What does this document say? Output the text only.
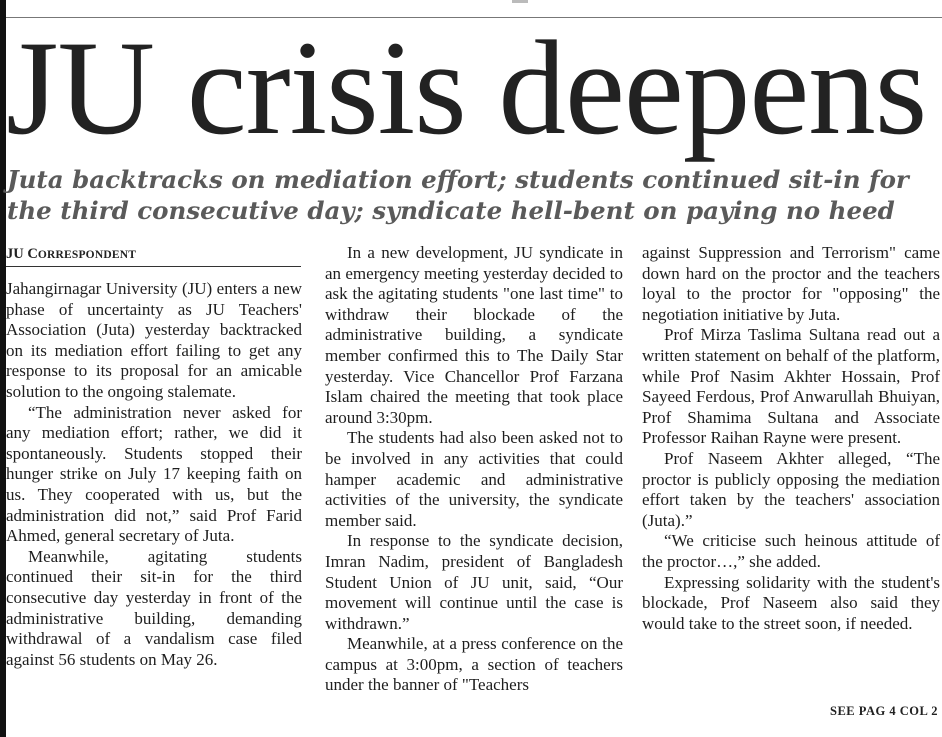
JU crisis deepens
Juta backtracks on mediation effort; students continued sit-in for the third consecutive day; syndicate hell-bent on paying no heed
JU CORRESPONDENT

Jahangirnagar University (JU) enters a new phase of uncertainty as JU Teachers' Association (Juta) yesterday backtracked on its mediation effort failing to get any response to its proposal for an amicable solution to the ongoing stalemate.

“The administration never asked for any mediation effort; rather, we did it spontaneously. Students stopped their hunger strike on July 17 keeping faith on us. They cooperated with us, but the administration did not,” said Prof Farid Ahmed, general secretary of Juta.

Meanwhile, agitating students continued their sit-in for the third consecutive day yesterday in front of the administrative building, demanding withdrawal of a vandalism case filed against 56 students on May 26.

In a new development, JU syndicate in an emergency meeting yesterday decided to ask the agitating students "one last time" to withdraw their blockade of the administrative building, a syndicate member confirmed this to The Daily Star yesterday. Vice Chancellor Prof Farzana Islam chaired the meeting that took place around 3:30pm.

The students had also been asked not to be involved in any activities that could hamper academic and administrative activities of the university, the syndicate member said.

In response to the syndicate decision, Imran Nadim, president of Bangladesh Student Union of JU unit, said, “Our movement will continue until the case is withdrawn.”

Meanwhile, at a press conference on the campus at 3:00pm, a section of teachers under the banner of "Teachers

against Suppression and Terrorism" came down hard on the proctor and the teachers loyal to the proctor for "opposing" the negotiation initiative by Juta.

Prof Mirza Taslima Sultana read out a written statement on behalf of the platform, while Prof Nasim Akhter Hossain, Prof Sayeed Ferdous, Prof Anwarullah Bhuiyan, Prof Shamima Sultana and Associate Professor Raihan Rayne were present.

Prof Naseem Akhter alleged, “The proctor is publicly opposing the mediation effort taken by the teachers' association (Juta).”

“We criticise such heinous attitude of the proctor…,” she added.

Expressing solidarity with the student's blockade, Prof Naseem also said they would take to the street soon, if needed.

SEE PAG 4 COL 2
